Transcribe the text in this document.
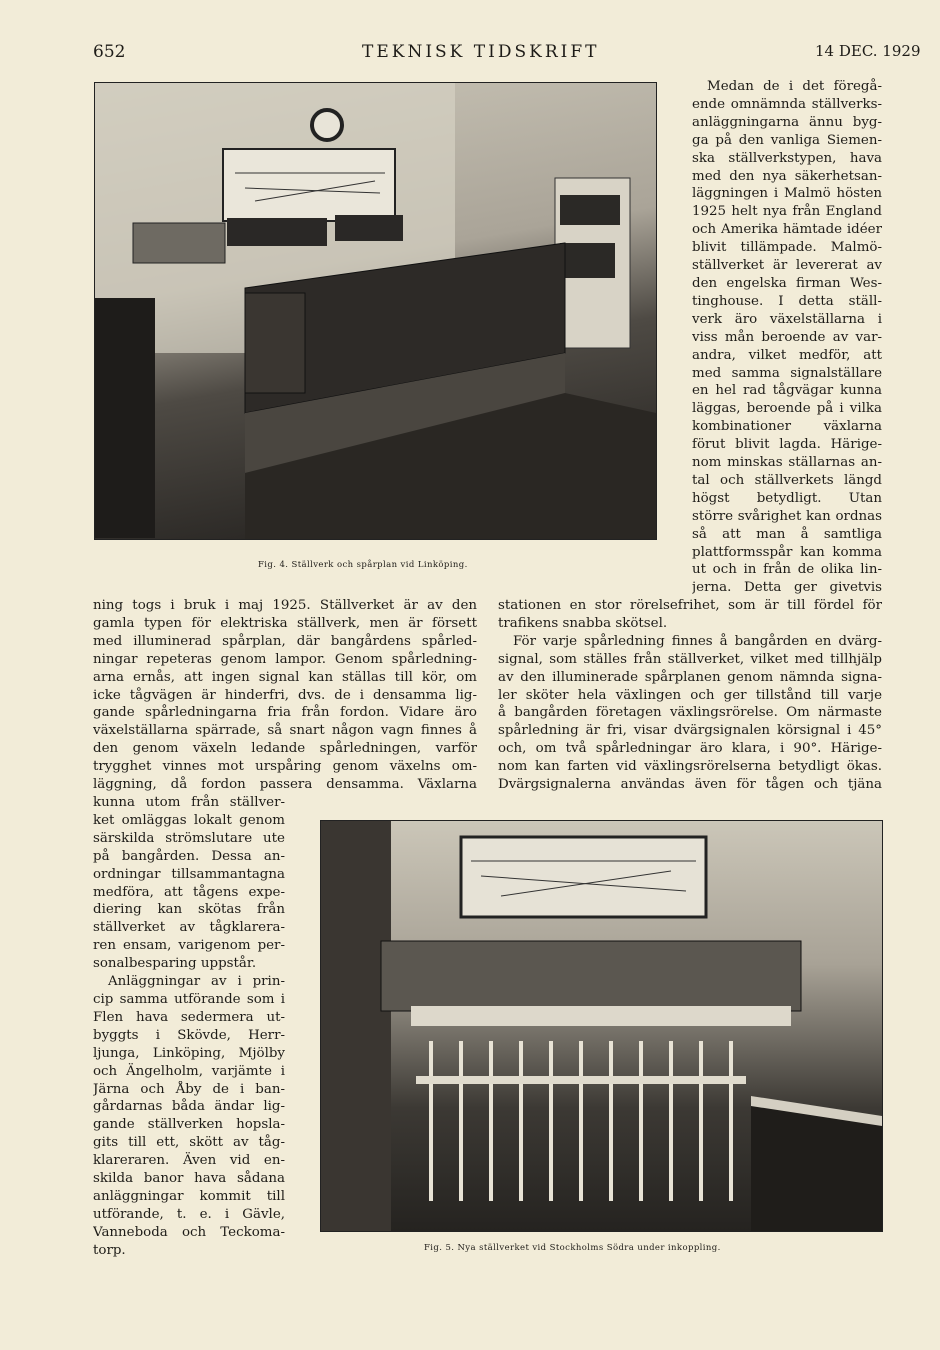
652	TEKNISK TIDSKRIFT	14 DEC. 1929
Fig. 4. Ställverk och spårplan vid Linköping.
Medan de i det föregå-
ende omnämnda ställverks-
anläggningarna ännu byg-
ga på den vanliga Siemen-
ska ställverkstypen, hava
med den nya säkerhetsan-
läggningen i Malmö hösten
1925 helt nya från England
och Amerika hämtade idéer
blivit tillämpade. Malmö-
ställverket är levererat av
den engelska firman Wes-
tinghouse. I detta ställ-
verk äro växelställarna i
viss mån beroende av var-
andra, vilket medför, att
med samma signalställare
en hel rad tågvägar kunna
läggas, beroende på i vilka
kombinationer växlarna
förut blivit lagda. Härige-
nom minskas ställarnas an-
tal och ställverkets längd
högst betydligt. Utan
större svårighet kan ordnas
så att man å samtliga
plattformsspår kan komma
ut och in från de olika lin-
jerna. Detta ger givetvis
stationen en stor rörelsefrihet, som är till fördel för
trafikens snabba skötsel.
För varje spårledning finnes å bangården en dvärg-
signal, som ställes från ställverket, vilket med tillhjälp
av den illuminerade spårplanen genom nämnda signa-
ler sköter hela växlingen och ger tillstånd till varje
å bangården företagen växlingsrörelse. Om närmaste
spårledning är fri, visar dvärgsignalen körsignal i 45°
och, om två spårledningar äro klara, i 90°. Härige-
nom kan farten vid växlingsrörelserna betydligt ökas.
Dvärgsignalerna användas även för tågen och tjäna
ning togs i bruk i maj 1925. Ställverket är av den
gamla typen för elektriska ställverk, men är försett
med illuminerad spårplan, där bangårdens spårled-
ningar repeteras genom lampor. Genom spårledning-
arna ernås, att ingen signal kan ställas till kör, om
icke tågvägen är hinderfri, dvs. de i densamma lig-
gande spårledningarna fria från fordon. Vidare äro
växelställarna spärrade, så snart någon vagn finnes å
den genom växeln ledande spårledningen, varför
trygghet vinnes mot urspåring genom växelns om-
läggning, då fordon passera densamma. Växlarna
kunna utom från ställver-
ket omläggas lokalt genom
särskilda strömslutare ute
på bangården. Dessa an-
ordningar tillsammantagna
medföra, att tågens expe-
diering kan skötas från
ställverket av tågklarera-
ren ensam, varigenom per-
sonalbesparing uppstår.
Anläggningar av i prin-
cip samma utförande som i
Flen hava sedermera ut-
byggts i Skövde, Herr-
ljunga, Linköping, Mjölby
och Ängelholm, varjämte i
Järna och Åby de i ban-
gårdarnas båda ändar lig-
gande ställverken hopsla-
gits till ett, skött av tåg-
klareraren. Även vid en-
skilda banor hava sådana
anläggningar kommit till
utförande, t. e. i Gävle,
Vanneboda och Teckoma-
torp.	Fig. 5. Nya ställverket vid Stockholms Södra under inkoppling.
